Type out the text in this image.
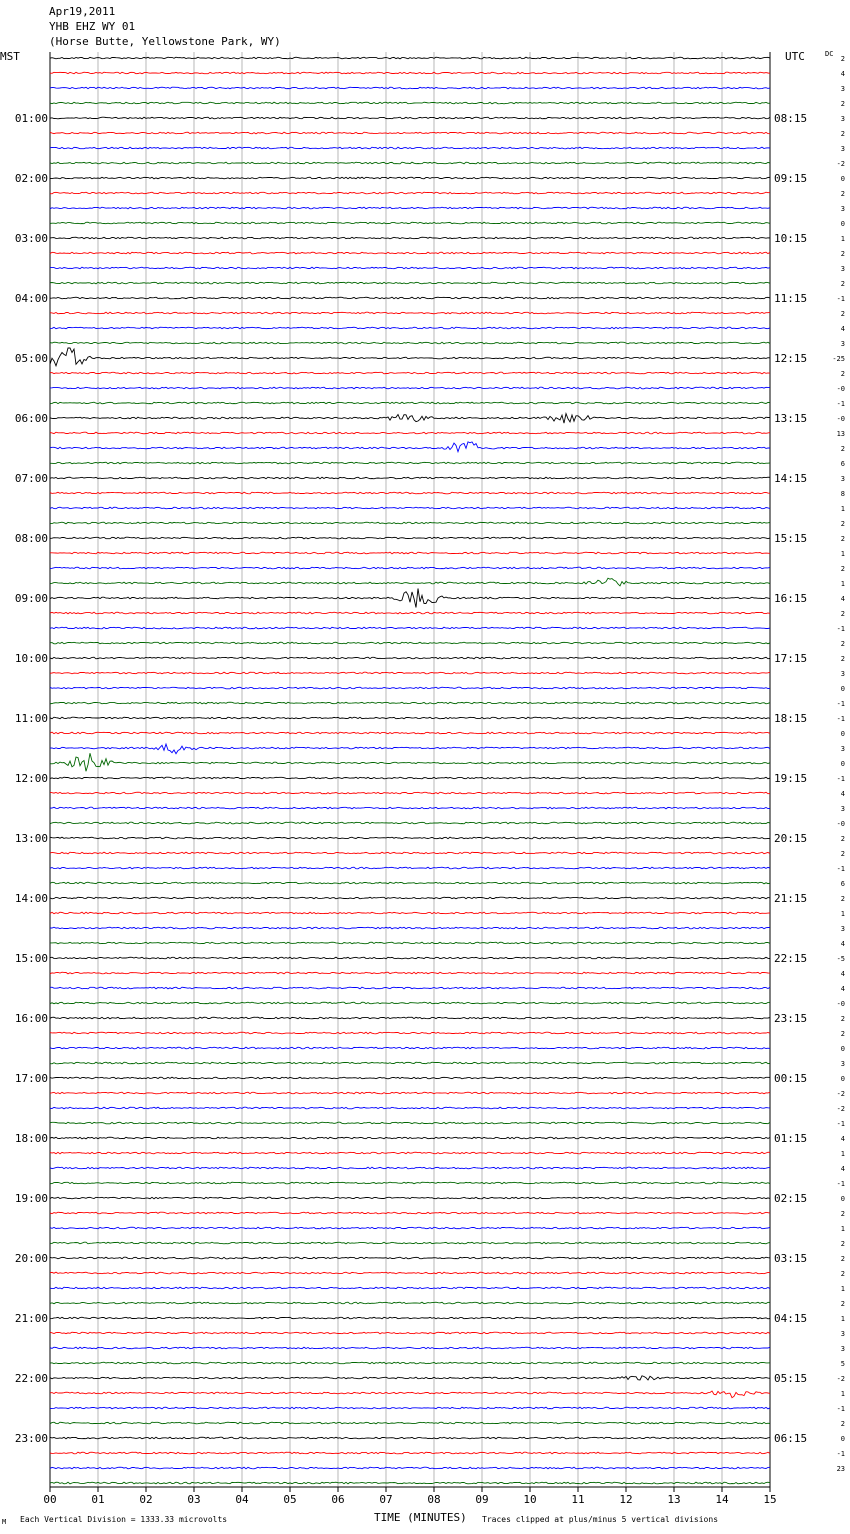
01:00
02:00
03:00
04:00
05:00
06:00
07:00
08:00
09:00
10:00
11:00
12:00
13:00
14:00
15:00
16:00
17:00
18:00
19:00
20:00
21:00
22:00
23:00
08:15
09:15
10:15
11:15
12:15
13:15
14:15
15:15
16:15
17:15
18:15
19:15
20:15
21:15
22:15
23:15
00:15
01:15
02:15
03:15
04:15
05:15
06:15
2
4
3
2
3
2
3
-2
0
2
3
0
1
2
3
2
-1
2
4
3
-25
2
-0
-1
-0
13
2
6
3
8
1
2
2
1
2
1
4
2
-1
2
2
3
0
-1
-1
0
3
0
-1
4
3
-0
2
2
-1
6
2
1
3
4
-5
4
4
-0
2
2
0
3
0
-2
-2
-1
4
1
4
-1
0
2
1
2
2
2
1
2
1
3
3
5
-2
1
-1
2
0
-1
23
00	01	02	03	04	05	06	07	08	09	10	11	12	13	14	15
Apr19,2011
YHB EHZ WY 01
(Horse Butte, Yellowstone Park, WY)
MST	UTC	DC
M Each Vertical Division = 1333.33 microvolts	TIME (MINUTES) Traces clipped at plus/minus 5 vertical divisions
